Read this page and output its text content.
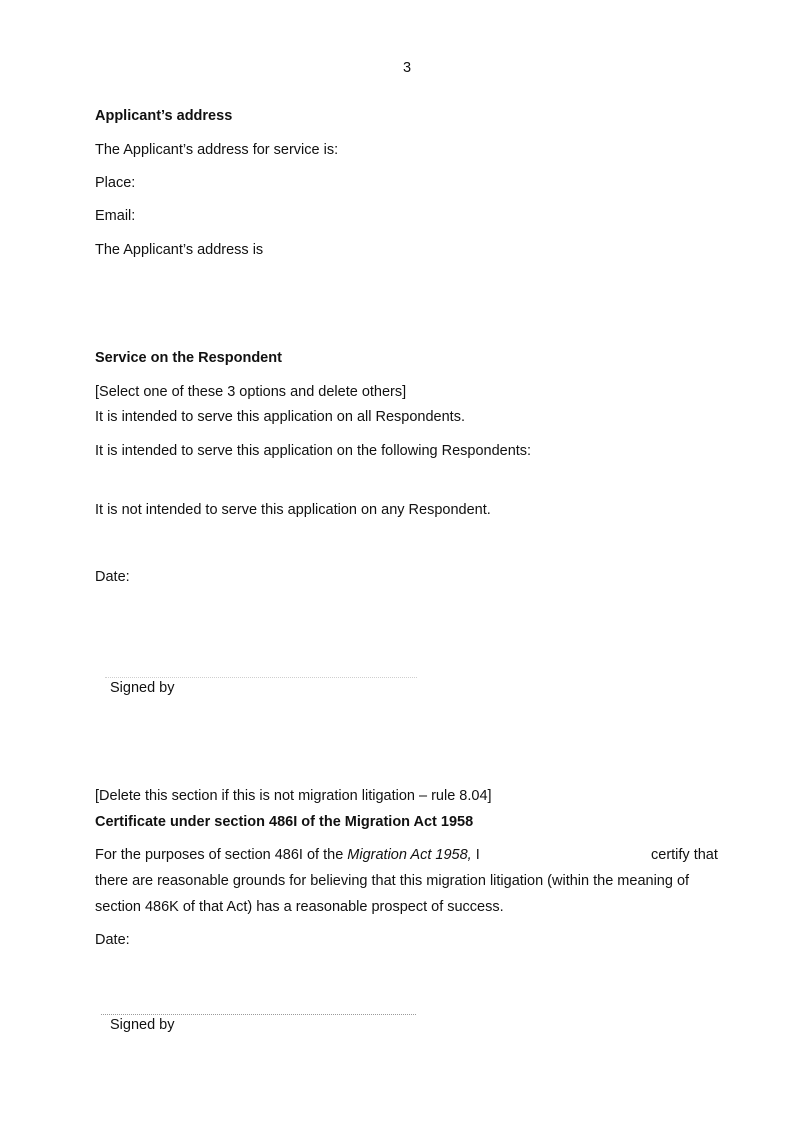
3
Applicant’s address
The Applicant’s address for service is:
Place:
Email:
The Applicant’s address is
Service on the Respondent
[Select one of these 3 options and delete others]
It is intended to serve this application on all Respondents.
It is intended to serve this application on the following Respondents:
It is not intended to serve this application on any Respondent.
Date:
Signed by
[Delete this section if this is not migration litigation – rule 8.04]
Certificate under section 486I of the Migration Act 1958
For the purposes of section 486I of the Migration Act 1958, I	certify that
there are reasonable grounds for believing that this migration litigation (within the meaning of
section 486K of that Act) has a reasonable prospect of success.
Date:
Signed by
